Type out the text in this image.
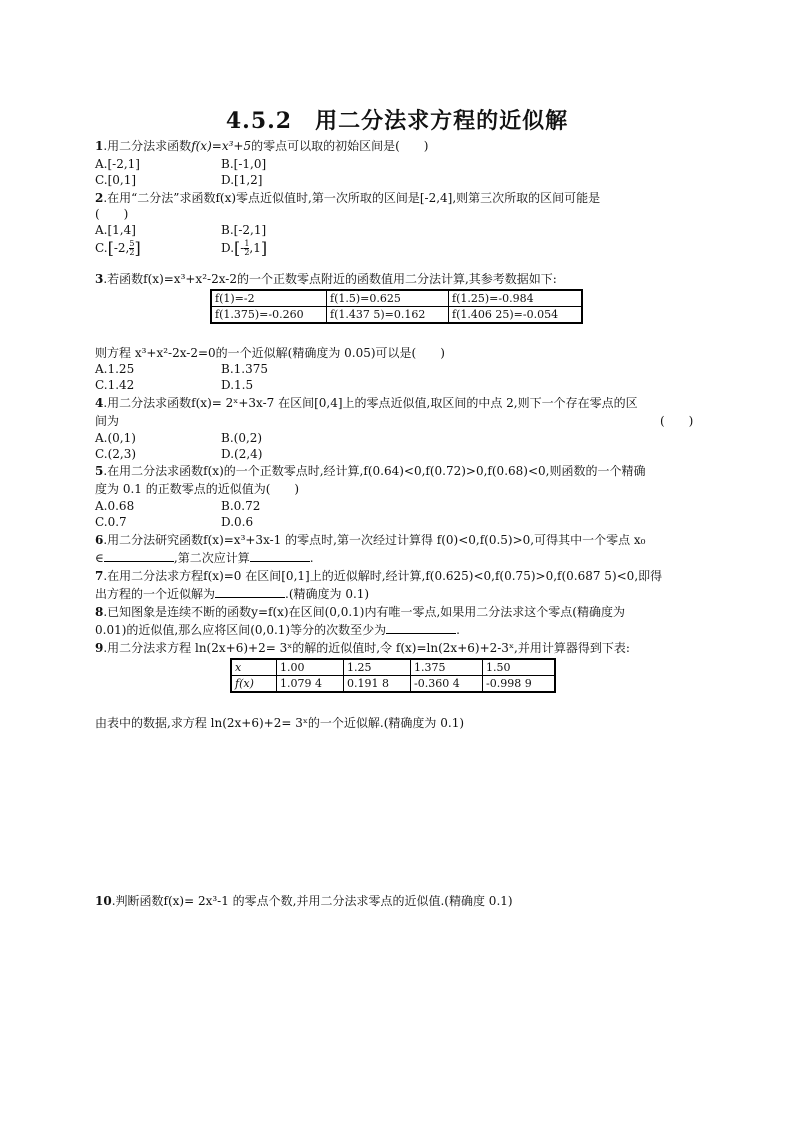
4.5.2　用二分法求方程的近似解
1.用二分法求函数f(x)=x³+5的零点可以取的初始区间是(　　)
A.[-2,1]	B.[-1,0]
C.[0,1]	D.[1,2]
2.在用“二分法”求函数f(x)零点近似值时,第一次所取的区间是[-2,4],则第三次所取的区间可能是
(　　)
A.[1,4]	B.[-2,1]
C.[-2, $\frac{5}{2}$ ]	$D.[- \frac{1}{2} ,1]$
3.若函数f(x)=x³+x²-2x-2的一个正数零点附近的函数值用二分法计算,其参考数据如下:
f(1)=-2	f(1.5)=0.625	f(1.25)=-0.984
f(1.375)=-0.260	f(1.437 5)=0.162	f(1.406 25)=-0.054
则方程 x³+x²-2x-2=0的一个近似解(精确度为 0.05)可以是(　　)
A.1.25	B.1.375
C.1.42	D.1.5
4.用二分法求函数f(x)= 2ˣ+3x-7 在区间[0,4]上的零点近似值,取区间的中点 2,则下一个存在零点的区
间为	(　　)
A.(0,1)	B.(0,2)
C.(2,3)	D.(2,4)
5.在用二分法求函数f(x)的一个正数零点时,经计算,f(0.64)<0,f(0.72)>0,f(0.68)<0,则函数的一个精确
度为 0.1 的正数零点的近似值为(　　)
A.0.68	B.0.72
C.0.7	D.0.6
6.用二分法研究函数f(x)=x³+3x-1 的零点时,第一次经过计算得 f(0)<0,f(0.5)>0,可得其中一个零点 x₀
∈	,第二次应计算	.
7.在用二分法求方程f(x)=0 在区间[0,1]上的近似解时,经计算,f(0.625)<0,f(0.75)>0,f(0.687 5)<0,即得
出方程的一个近似解为	.(精确度为 0.1)
8.已知图象是连续不断的函数y=f(x)在区间(0,0.1)内有唯一零点,如果用二分法求这个零点(精确度为
0.01)的近似值,那么应将区间(0,0.1)等分的次数至少为	.
9.用二分法求方程 ln(2x+6)+2= 3ˣ的解的近似值时,令 f(x)=ln(2x+6)+2-3ˣ,并用计算器得到下表:
x	1.00	1.25	1.375	1.50
f(x)	1.079 4	0.191 8	-0.360 4	-0.998 9
由表中的数据,求方程 ln(2x+6)+2= 3ˣ的一个近似解.(精确度为 0.1)
10.判断函数f(x)= 2x³-1 的零点个数,并用二分法求零点的近似值.(精确度 0.1)
